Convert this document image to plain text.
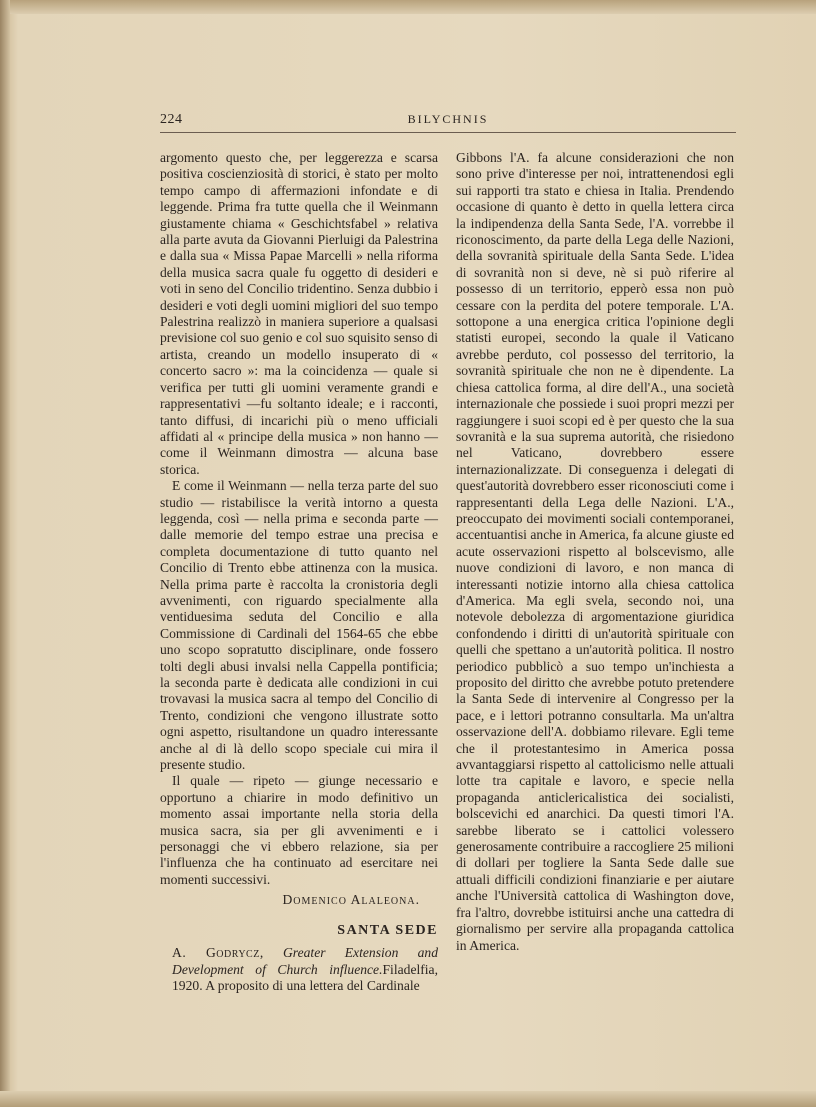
224	BILYCHNIS

argomento questo che, per leggerezza e scarsa positiva coscienziosità di storici, è stato per molto tempo campo di affermazioni infondate e di leggende. Prima fra tutte quella che il Weinmann giustamente chiama « Geschichtsfabel » relativa alla parte avuta da Giovanni Pierluigi da Palestrina e dalla sua « Missa Papae Marcelli » nella riforma della musica sacra quale fu oggetto di desideri e voti in seno del Concilio tridentino. Senza dubbio i desideri e voti degli uomini migliori del suo tempo Palestrina realizzò in maniera superiore a qualsasi previsione col suo genio e col suo squisito senso di artista, creando un modello insuperato di « concerto sacro »: ma la coincidenza — quale si verifica per tutti gli uomini veramente grandi e rappresentativi —fu soltanto ideale; e i racconti, tanto diffusi, di incarichi più o meno ufficiali affidati al « principe della musica » non hanno — come il Weinmann dimostra — alcuna base storica.

E come il Weinmann — nella terza parte del suo studio — ristabilisce la verità intorno a questa leggenda, così — nella prima e seconda parte — dalle memorie del tempo estrae una precisa e completa documentazione di tutto quanto nel Concilio di Trento ebbe attinenza con la musica. Nella prima parte è raccolta la cronistoria degli avvenimenti, con riguardo specialmente alla ventiduesima seduta del Concilio e alla Commissione di Cardinali del 1564-65 che ebbe uno scopo sopratutto disciplinare, onde fossero tolti degli abusi invalsi nella Cappella pontificia; la seconda parte è dedicata alle condizioni in cui trovavasi la musica sacra al tempo del Concilio di Trento, condizioni che vengono illustrate sotto ogni aspetto, risultandone un quadro interessante anche al di là dello scopo speciale cui mira il presente studio.

Il quale — ripeto — giunge necessario e opportuno a chiarire in modo definitivo un momento assai importante nella storia della musica sacra, sia per gli avvenimenti e i personaggi che vi ebbero relazione, sia per l'influenza che ha continuato ad esercitare nei momenti successivi.

Domenico Alaleona.

SANTA SEDE

A. Godrycz, Greater Extension and Development of Church influence.Filadelfia, 1920. A proposito di una lettera del Cardinale

Gibbons l'A. fa alcune considerazioni che non sono prive d'interesse per noi, intrattenendosi egli sui rapporti tra stato e chiesa in Italia. Prendendo occasione di quanto è detto in quella lettera circa la indipendenza della Santa Sede, l'A. vorrebbe il riconoscimento, da parte della Lega delle Nazioni, della sovranità spirituale della Santa Sede. L'idea di sovranità non si deve, nè si può riferire al possesso di un territorio, epperò essa non può cessare con la perdita del potere temporale. L'A. sottopone a una energica critica l'opinione degli statisti europei, secondo la quale il Vaticano avrebbe perduto, col possesso del territorio, la sovranità spirituale che non ne è dipendente. La chiesa cattolica forma, al dire dell'A., una società internazionale che possiede i suoi propri mezzi per raggiungere i suoi scopi ed è per questo che la sua sovranità e la sua suprema autorità, che risiedono nel Vaticano, dovrebbero essere internazionalizzate. Di conseguenza i delegati di quest'autorità dovrebbero esser riconosciuti come i rappresentanti della Lega delle Nazioni. L'A., preoccupato dei movimenti sociali contemporanei, accentuantisi anche in America, fa alcune giuste ed acute osservazioni rispetto al bolscevismo, alle nuove condizioni di lavoro, e non manca di interessanti notizie intorno alla chiesa cattolica d'America. Ma egli svela, secondo noi, una notevole debolezza di argomentazione giuridica confondendo i diritti di un'autorità spirituale con quelli che spettano a un'autorità politica. Il nostro periodico pubblicò a suo tempo un'inchiesta a proposito del diritto che avrebbe potuto pretendere la Santa Sede di intervenire al Congresso per la pace, e i lettori potranno consultarla. Ma un'altra osservazione dell'A. dobbiamo rilevare. Egli teme che il protestantesimo in America possa avvantaggiarsi rispetto al cattolicismo nelle attuali lotte tra capitale e lavoro, e specie nella propaganda anticlericalistica dei socialisti, bolscevichi ed anarchici. Da questi timori l'A. sarebbe liberato se i cattolici volessero generosamente contribuire a raccogliere 25 milioni di dollari per togliere la Santa Sede dalle sue attuali difficili condizioni finanziarie e per aiutare anche l'Università cattolica di Washington dove, fra l'altro, dovrebbe istituirsi anche una cattedra di giornalismo per servire alla propaganda cattolica in America.
